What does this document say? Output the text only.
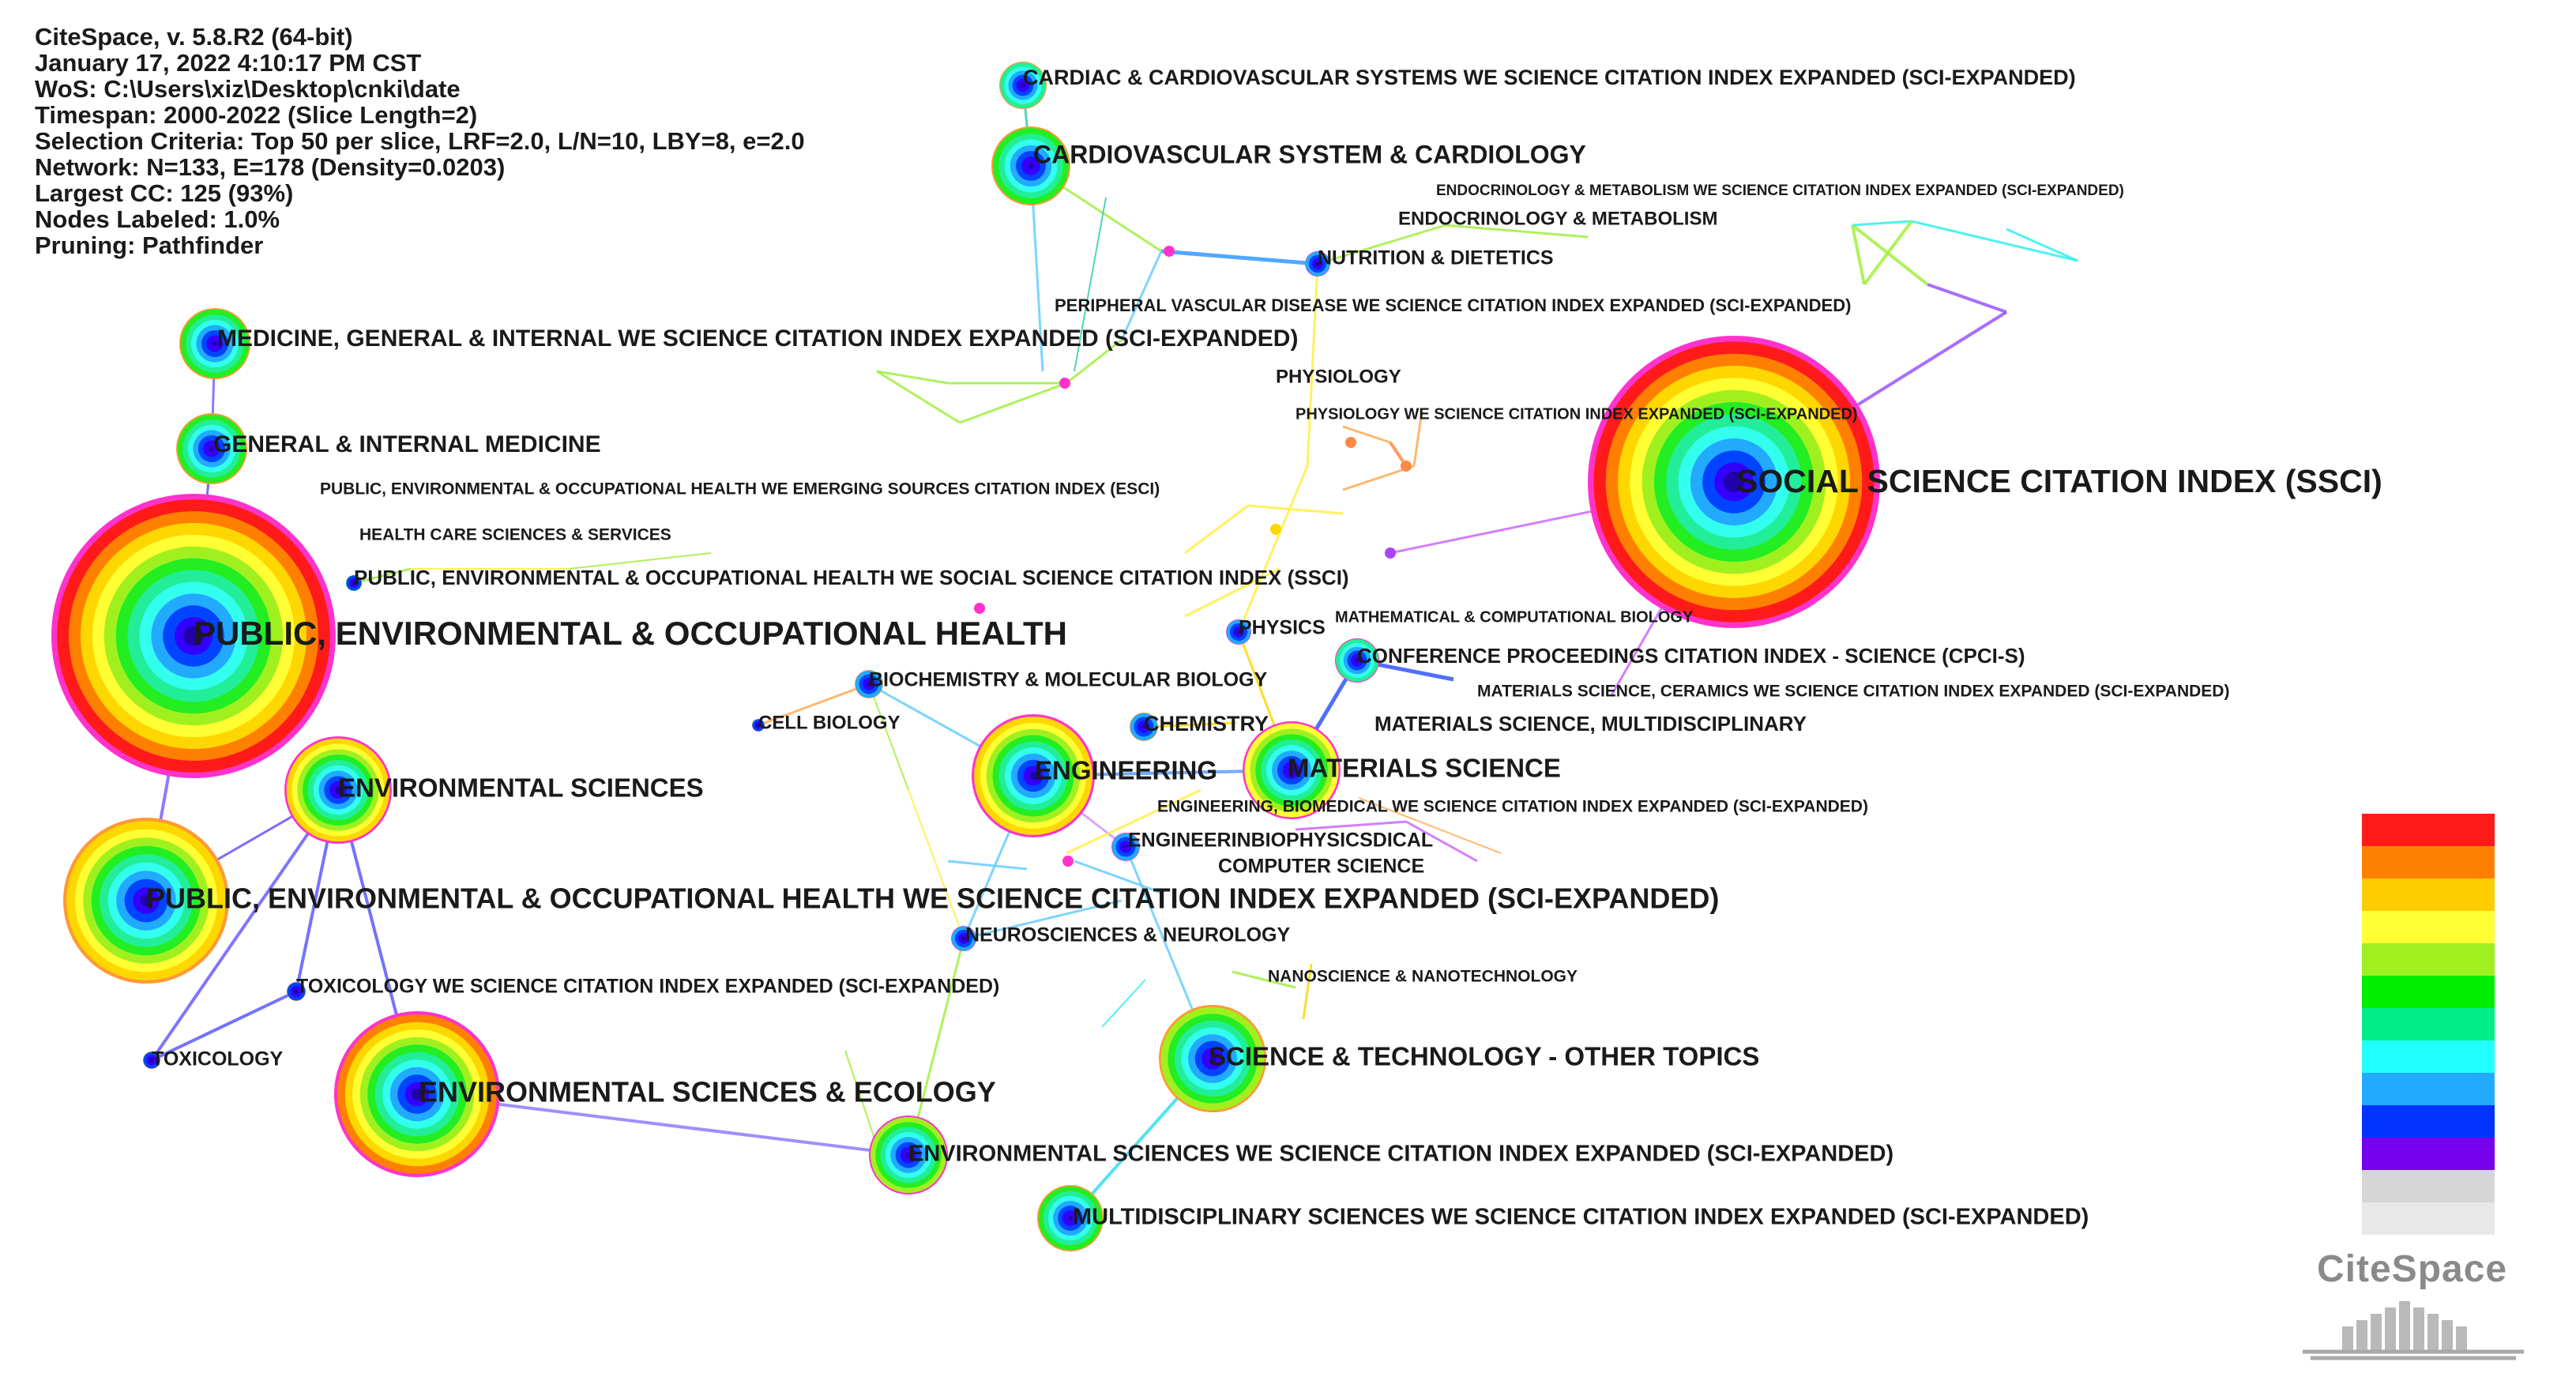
CiteSpace, v. 5.8.R2 (64-bit)
January 17, 2022 4:10:17 PM CST
WoS: C:\Users\xiz\Desktop\cnki\date
Timespan: 2000-2022 (Slice Length=2)
Selection Criteria: Top 50 per slice, LRF=2.0, L/N=10, LBY=8, e=2.0
Network: N=133, E=178 (Density=0.0203)
Largest CC: 125 (93%)
Nodes Labeled: 1.0%
Pruning: Pathfinder
PUBLIC, ENVIRONMENTAL & OCCUPATIONAL HEALTH
SOCIAL SCIENCE CITATION INDEX (SSCI)
PUBLIC, ENVIRONMENTAL & OCCUPATIONAL HEALTH WE SCIENCE CITATION INDEX EXPANDED (SCI-EXPANDED)
ENVIRONMENTAL SCIENCES & ECOLOGY
ENVIRONMENTAL SCIENCES
ENGINEERING	MATERIALS SCIENCE
SCIENCE & TECHNOLOGY - OTHER TOPICS
ENVIRONMENTAL SCIENCES WE SCIENCE CITATION INDEX EXPANDED (SCI-EXPANDED)
MULTIDISCIPLINARY SCIENCES WE SCIENCE CITATION INDEX EXPANDED (SCI-EXPANDED)
MEDICINE, GENERAL & INTERNAL WE SCIENCE CITATION INDEX EXPANDED (SCI-EXPANDED)
GENERAL & INTERNAL MEDICINE
CARDIOVASCULAR SYSTEM & CARDIOLOGY
CARDIAC & CARDIOVASCULAR SYSTEMS WE SCIENCE CITATION INDEX EXPANDED (SCI-EXPANDED)
CONFERENCE PROCEEDINGS CITATION INDEX - SCIENCE (CPCI-S)
TOXICOLOGY
TOXICOLOGY WE SCIENCE CITATION INDEX EXPANDED (SCI-EXPANDED)
NEUROSCIENCES & NEUROLOGY
ENGINEERING, BIOMEDICAL WE SCIENCE CITATION INDEX EXPANDED (SCI-EXPANDED)
ENGINEERINBIOPHYSICSDICAL
COMPUTER SCIENCE
BIOCHEMISTRY & MOLECULAR BIOLOGY
CELL BIOLOGY	CHEMISTRY
PHYSICS MATHEMATICAL & COMPUTATIONAL BIOLOGY
MATERIALS SCIENCE, CERAMICS WE SCIENCE CITATION INDEX EXPANDED (SCI-EXPANDED)
MATERIALS SCIENCE, MULTIDISCIPLINARY
NANOSCIENCE & NANOTECHNOLOGY
PUBLIC, ENVIRONMENTAL & OCCUPATIONAL HEALTH WE SOCIAL SCIENCE CITATION INDEX (SSCI)
PUBLIC, ENVIRONMENTAL & OCCUPATIONAL HEALTH WE EMERGING SOURCES CITATION INDEX (ESCI)
HEALTH CARE SCIENCES & SERVICES
PHYSIOLOGY
PHYSIOLOGY WE SCIENCE CITATION INDEX EXPANDED (SCI-EXPANDED)
PERIPHERAL VASCULAR DISEASE WE SCIENCE CITATION INDEX EXPANDED (SCI-EXPANDED)
NUTRITION & DIETETICS
ENDOCRINOLOGY & METABOLISM
ENDOCRINOLOGY & METABOLISM WE SCIENCE CITATION INDEX EXPANDED (SCI-EXPANDED)
CiteSpace
